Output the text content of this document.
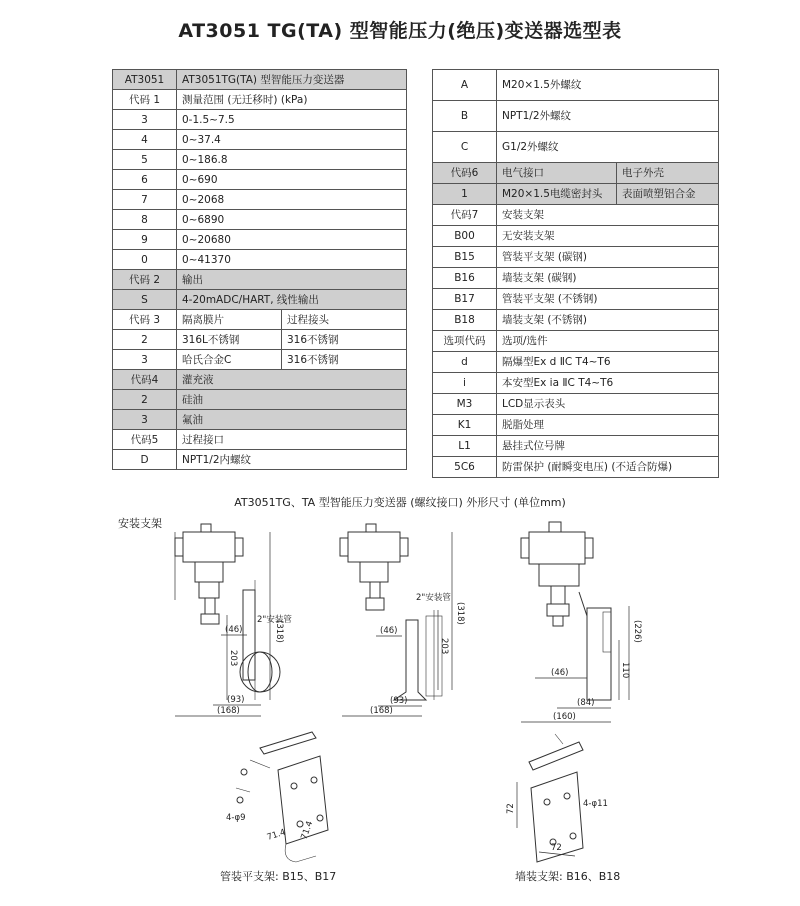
AT3051 TG(TA) 型智能压力(绝压)变送器选型表
AT3051	AT3051TG(TA) 型智能压力变送器	
代码 1	测量范围 (无迁移时) (kPa)	
3	0-1.5~7.5	
4	0~37.4	
5	0~186.8	
6	0~690	
7	0~2068	
8	0~6890	
9	0~20680	
0	0~41370	
代码 2	输出	
S	4-20mADC/HART, 线性输出	
代码 3	隔离膜片	过程接头
2	316L不锈钢	316不锈钢
3	哈氏合金C	316不锈钢
代码4	灌充液	
2	硅油	
3	氟油	
代码5	过程接口	
D	NPT1/2内螺纹	
A	M20×1.5外螺纹	
B	NPT1/2外螺纹	
C	G1/2外螺纹	
代码6	电气接口	电子外壳
1	M20×1.5电缆密封头	表面喷塑铝合金
代码7	安装支架	
B00	无安装支架	
B15	管装平支架 (碳钢)	
B16	墙装支架 (碳钢)	
B17	管装平支架 (不锈钢)	
B18	墙装支架 (不锈钢)	
选项代码	选项/选件	
d	隔爆型Ex d ⅡC T4~T6	
i	本安型Ex ia ⅡC T4~T6	
M3	LCD显示表头	
K1	脱脂处理	
L1	悬挂式位号牌	
5C6	防雷保护 (耐瞬变电压) (不适合防爆)	
AT3051TG、TA 型智能压力变送器 (螺纹接口) 外形尺寸 (单位mm)
安装支架
2"安装管
(318)
203
(46)
(93)
(168)
2"安装管
(318)
203
(46)
(93)
(168)
(226)
110
(46)
(84)
(160)
4-φ9
71.4
71.4
72
72
4-φ11
管装平支架: B15、B17	墙装支架: B16、B18
